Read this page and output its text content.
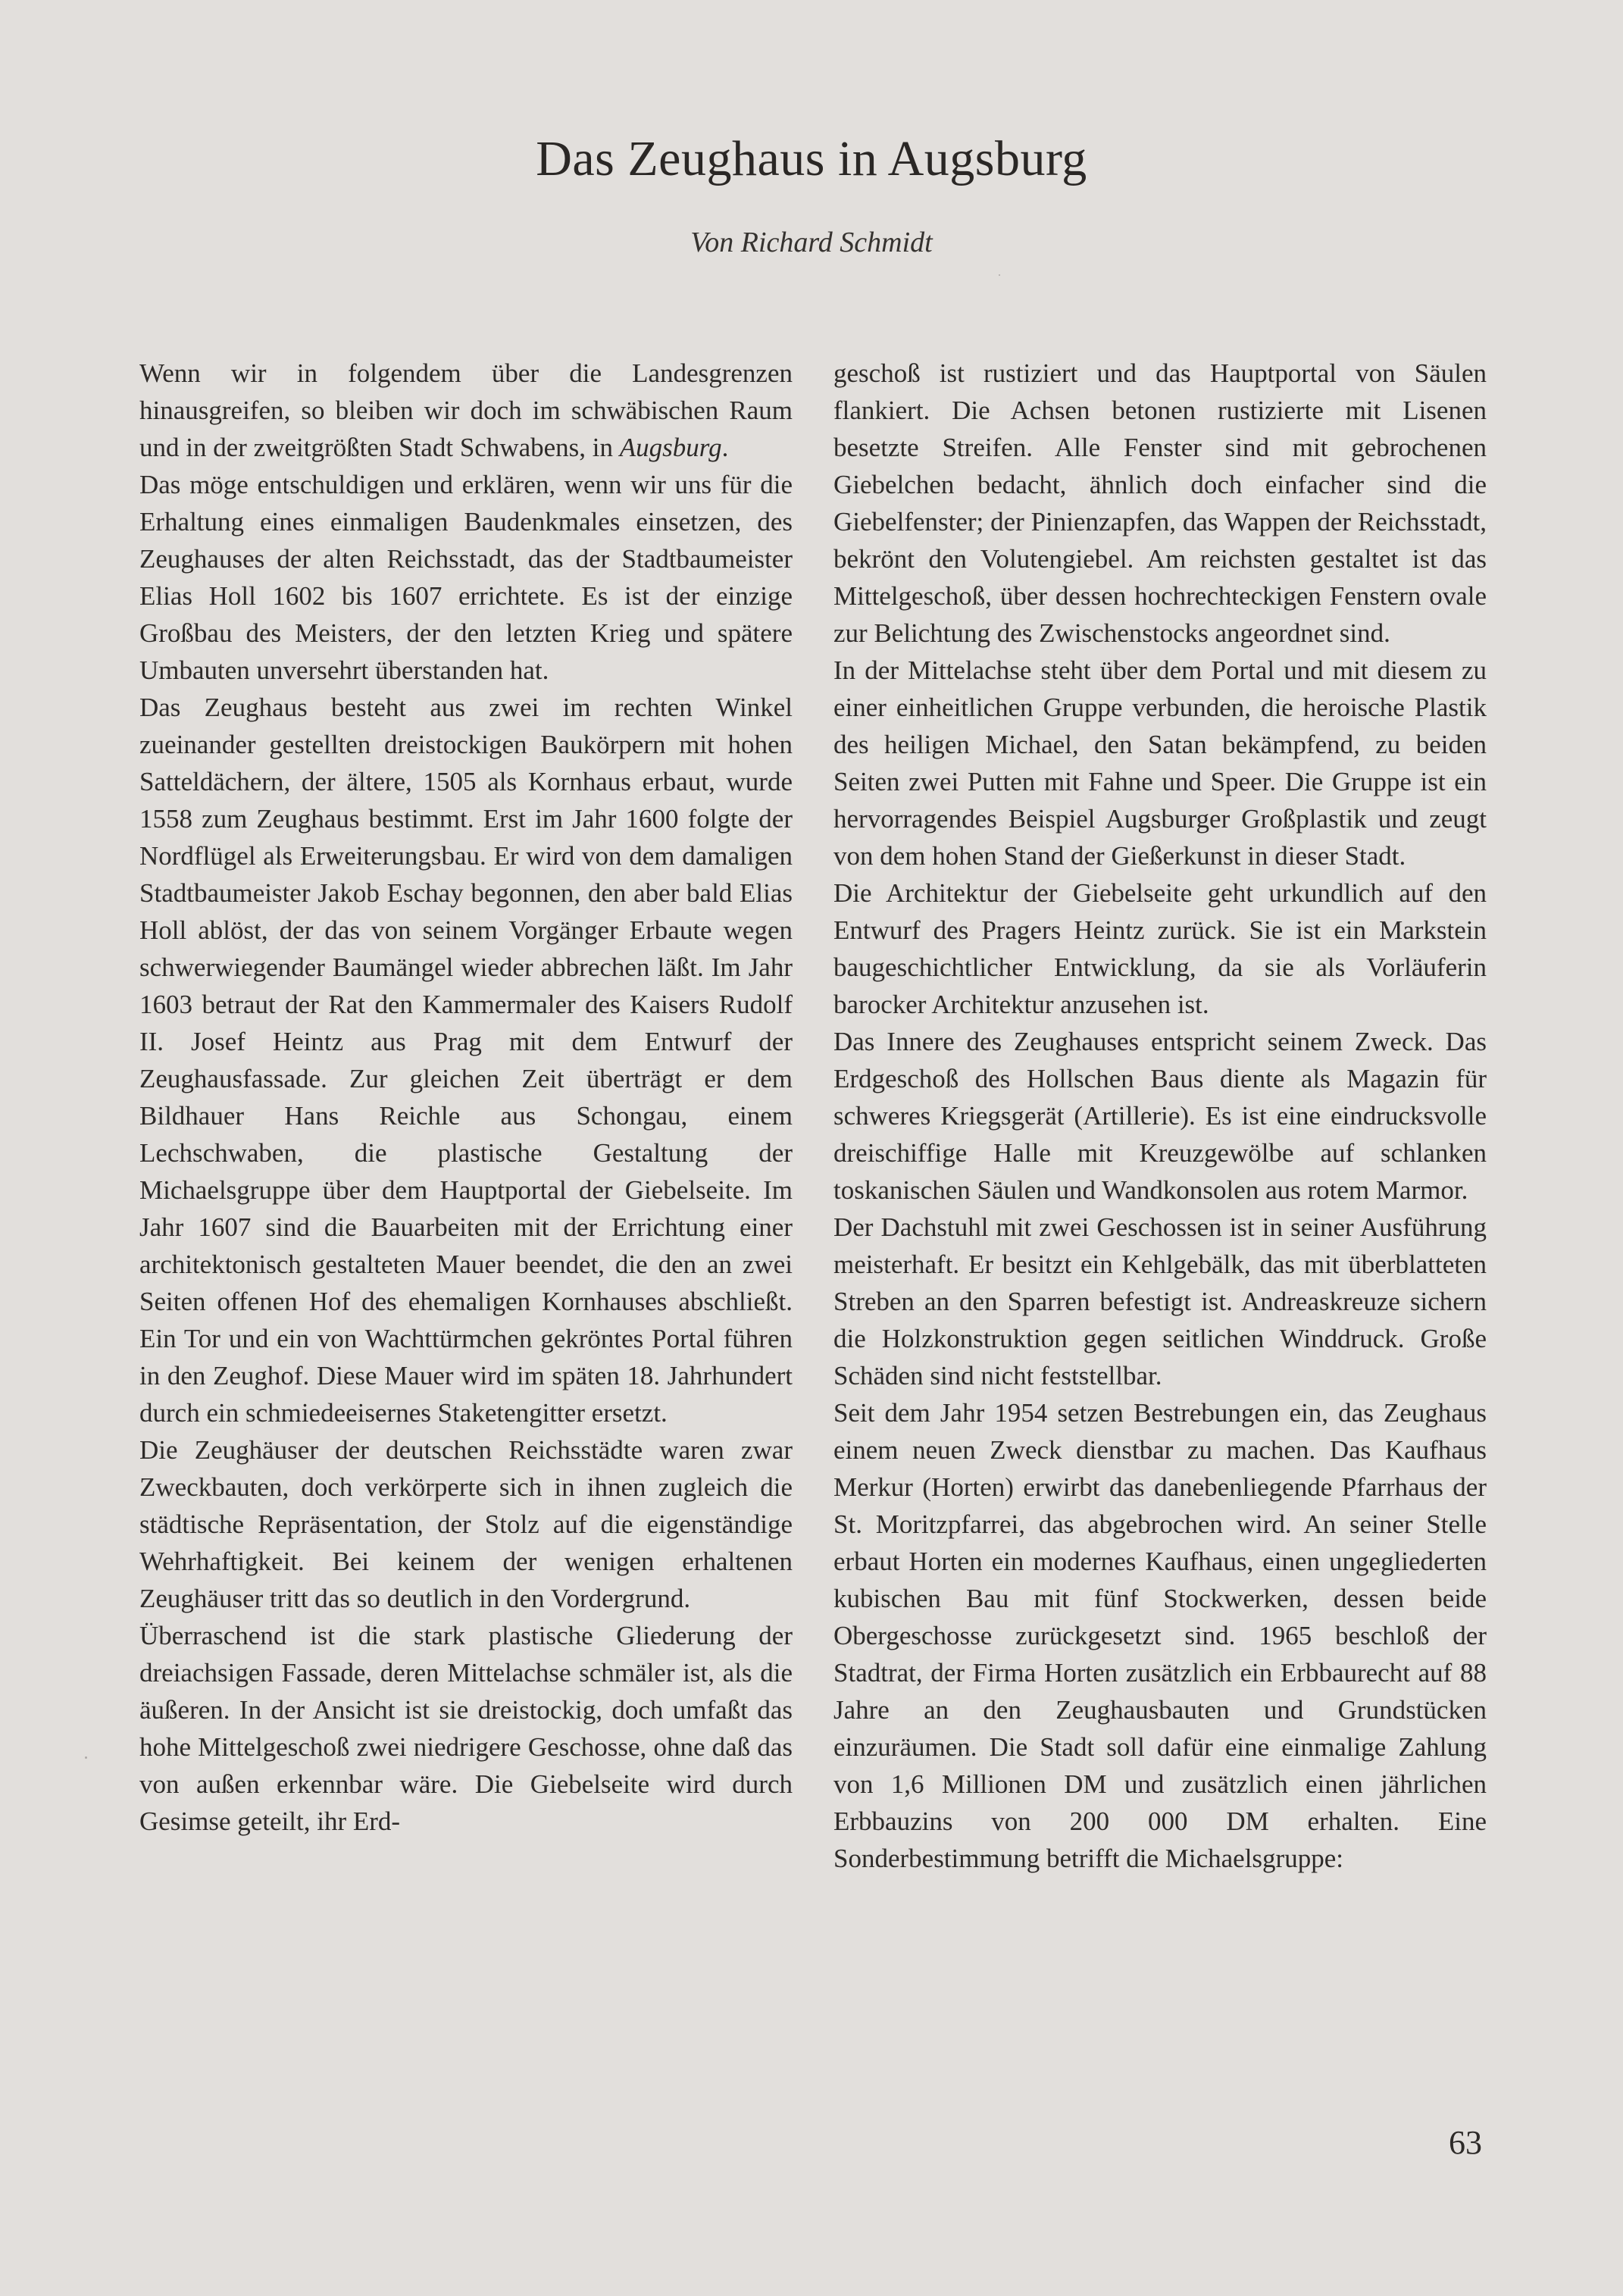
Das Zeughaus in Augsburg
Von Richard Schmidt

Wenn wir in folgendem über die Landesgrenzen hinausgreifen, so bleiben wir doch im schwäbischen Raum und in der zweitgrößten Stadt Schwabens, in Augsburg.

Das möge entschuldigen und erklären, wenn wir uns für die Erhaltung eines einmaligen Baudenkmales einsetzen, des Zeughauses der alten Reichsstadt, das der Stadtbaumeister Elias Holl 1602 bis 1607 errichtete. Es ist der einzige Großbau des Meisters, der den letzten Krieg und spätere Umbauten unversehrt überstanden hat.

Das Zeughaus besteht aus zwei im rechten Winkel zueinander gestellten dreistockigen Baukörpern mit hohen Satteldächern, der ältere, 1505 als Kornhaus erbaut, wurde 1558 zum Zeughaus bestimmt. Erst im Jahr 1600 folgte der Nordflügel als Erweiterungsbau. Er wird von dem damaligen Stadtbaumeister Jakob Eschay begonnen, den aber bald Elias Holl ablöst, der das von seinem Vorgänger Erbaute wegen schwerwiegender Baumängel wieder abbrechen läßt. Im Jahr 1603 betraut der Rat den Kammermaler des Kaisers Rudolf II. Josef Heintz aus Prag mit dem Entwurf der Zeughausfassade. Zur gleichen Zeit überträgt er dem Bildhauer Hans Reichle aus Schongau, einem Lechschwaben, die plastische Gestaltung der Michaelsgruppe über dem Hauptportal der Giebelseite. Im Jahr 1607 sind die Bauarbeiten mit der Errichtung einer architektonisch gestalteten Mauer beendet, die den an zwei Seiten offenen Hof des ehemaligen Kornhauses abschließt. Ein Tor und ein von Wachttürmchen gekröntes Portal führen in den Zeughof. Diese Mauer wird im späten 18. Jahrhundert durch ein schmiedeeisernes Staketengitter ersetzt.

Die Zeughäuser der deutschen Reichsstädte waren zwar Zweckbauten, doch verkörperte sich in ihnen zugleich die städtische Repräsentation, der Stolz auf die eigenständige Wehrhaftigkeit. Bei keinem der wenigen erhaltenen Zeughäuser tritt das so deutlich in den Vordergrund.

Überraschend ist die stark plastische Gliederung der dreiachsigen Fassade, deren Mittelachse schmäler ist, als die äußeren. In der Ansicht ist sie dreistockig, doch umfaßt das hohe Mittelgeschoß zwei niedrigere Geschosse, ohne daß das von außen erkennbar wäre. Die Giebelseite wird durch Gesimse geteilt, ihr Erd-

geschoß ist rustiziert und das Hauptportal von Säulen flankiert. Die Achsen betonen rustizierte mit Lisenen besetzte Streifen. Alle Fenster sind mit gebrochenen Giebelchen bedacht, ähnlich doch einfacher sind die Giebelfenster; der Pinienzapfen, das Wappen der Reichsstadt, bekrönt den Volutengiebel. Am reichsten gestaltet ist das Mittelgeschoß, über dessen hochrechteckigen Fenstern ovale zur Belichtung des Zwischenstocks angeordnet sind.

In der Mittelachse steht über dem Portal und mit diesem zu einer einheitlichen Gruppe verbunden, die heroische Plastik des heiligen Michael, den Satan bekämpfend, zu beiden Seiten zwei Putten mit Fahne und Speer. Die Gruppe ist ein hervorragendes Beispiel Augsburger Großplastik und zeugt von dem hohen Stand der Gießerkunst in dieser Stadt.

Die Architektur der Giebelseite geht urkundlich auf den Entwurf des Pragers Heintz zurück. Sie ist ein Markstein baugeschichtlicher Entwicklung, da sie als Vorläuferin barocker Architektur anzusehen ist.

Das Innere des Zeughauses entspricht seinem Zweck. Das Erdgeschoß des Hollschen Baus diente als Magazin für schweres Kriegsgerät (Artillerie). Es ist eine eindrucksvolle dreischiffige Halle mit Kreuzgewölbe auf schlanken toskanischen Säulen und Wandkonsolen aus rotem Marmor.

Der Dachstuhl mit zwei Geschossen ist in seiner Ausführung meisterhaft. Er besitzt ein Kehlgebälk, das mit überblatteten Streben an den Sparren befestigt ist. Andreaskreuze sichern die Holzkonstruktion gegen seitlichen Winddruck. Große Schäden sind nicht feststellbar.

Seit dem Jahr 1954 setzen Bestrebungen ein, das Zeughaus einem neuen Zweck dienstbar zu machen. Das Kaufhaus Merkur (Horten) erwirbt das danebenliegende Pfarrhaus der St. Moritzpfarrei, das abgebrochen wird. An seiner Stelle erbaut Horten ein modernes Kaufhaus, einen ungegliederten kubischen Bau mit fünf Stockwerken, dessen beide Obergeschosse zurückgesetzt sind. 1965 beschloß der Stadtrat, der Firma Horten zusätzlich ein Erbbaurecht auf 88 Jahre an den Zeughausbauten und Grundstücken einzuräumen. Die Stadt soll dafür eine einmalige Zahlung von 1,6 Millionen DM und zusätzlich einen jährlichen Erbbauzins von 200 000 DM erhalten. Eine Sonderbestimmung betrifft die Michaelsgruppe:

63
